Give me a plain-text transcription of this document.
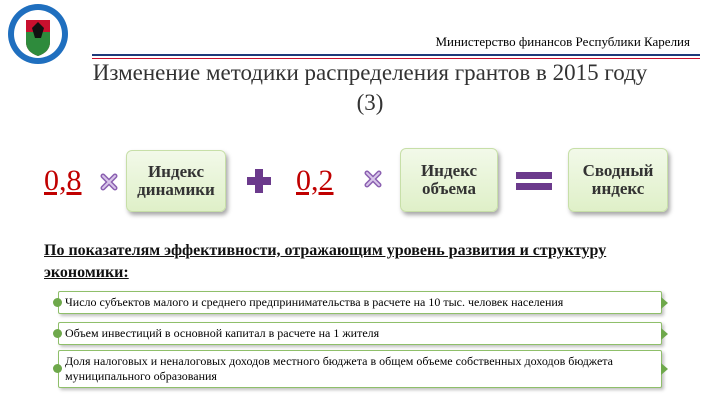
Министерство финансов Республики Карелия
Изменение методики распределения грантов в 2015 году
(3)
0,8	Индекс
динамики	0,2	Индекс
объема
Сводный
индекс
По показателям эффективности, отражающим уровень развития и структуру экономики:
Число субъектов малого и среднего предпринимательства в расчете на 10 тыс. человек населения
Объем инвестиций в основной капитал в расчете на 1 жителя
Доля налоговых и неналоговых доходов местного бюджета в общем объеме собственных доходов бюджета муниципального образования
